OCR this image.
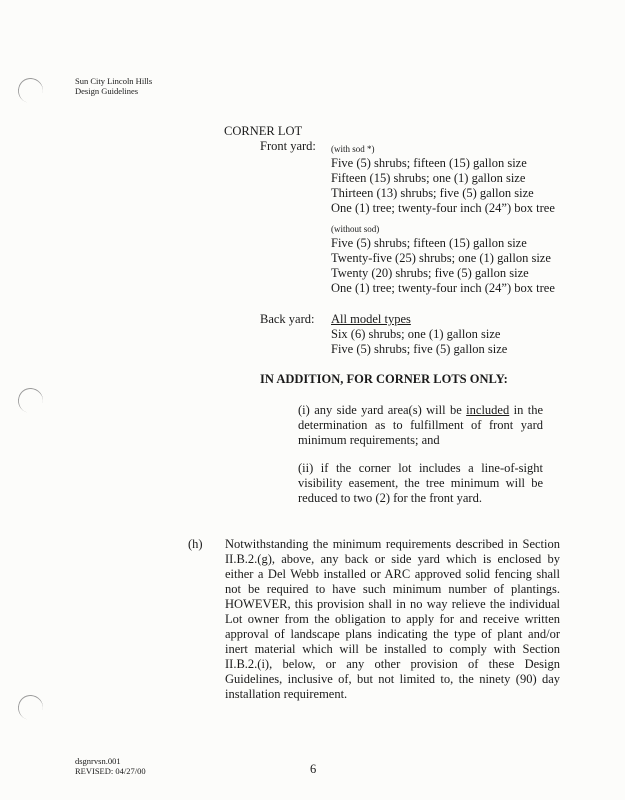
Sun City Lincoln Hills
Design Guidelines
CORNER LOT
Front yard: (with sod *)
Five (5) shrubs; fifteen (15) gallon size
Fifteen (15) shrubs; one (1) gallon size
Thirteen (13) shrubs; five (5) gallon size
One (1) tree; twenty-four inch (24”) box tree
(without sod)
Five (5) shrubs; fifteen (15) gallon size
Twenty-five (25) shrubs; one (1) gallon size
Twenty (20) shrubs; five (5) gallon size
One (1) tree; twenty-four inch (24”) box tree
Back yard: All model types
Six (6) shrubs; one (1) gallon size
Five (5) shrubs; five (5) gallon size
IN ADDITION, FOR CORNER LOTS ONLY:
(i) any side yard area(s) will be included in the determination as to fulfillment of front yard minimum requirements; and
(ii) if the corner lot includes a line-of-sight visibility easement, the tree minimum will be reduced to two (2) for the front yard.
(h) Notwithstanding the minimum requirements described in Section II.B.2.(g), above, any back or side yard which is enclosed by either a Del Webb installed or ARC approved solid fencing shall not be required to have such minimum number of plantings. HOWEVER, this provision shall in no way relieve the individual Lot owner from the obligation to apply for and receive written approval of landscape plans indicating the type of plant and/or inert material which will be installed to comply with Section II.B.2.(i), below, or any other provision of these Design Guidelines, inclusive of, but not limited to, the ninety (90) day installation requirement.
dsgnrvsn.001
REVISED: 04/27/00	6
